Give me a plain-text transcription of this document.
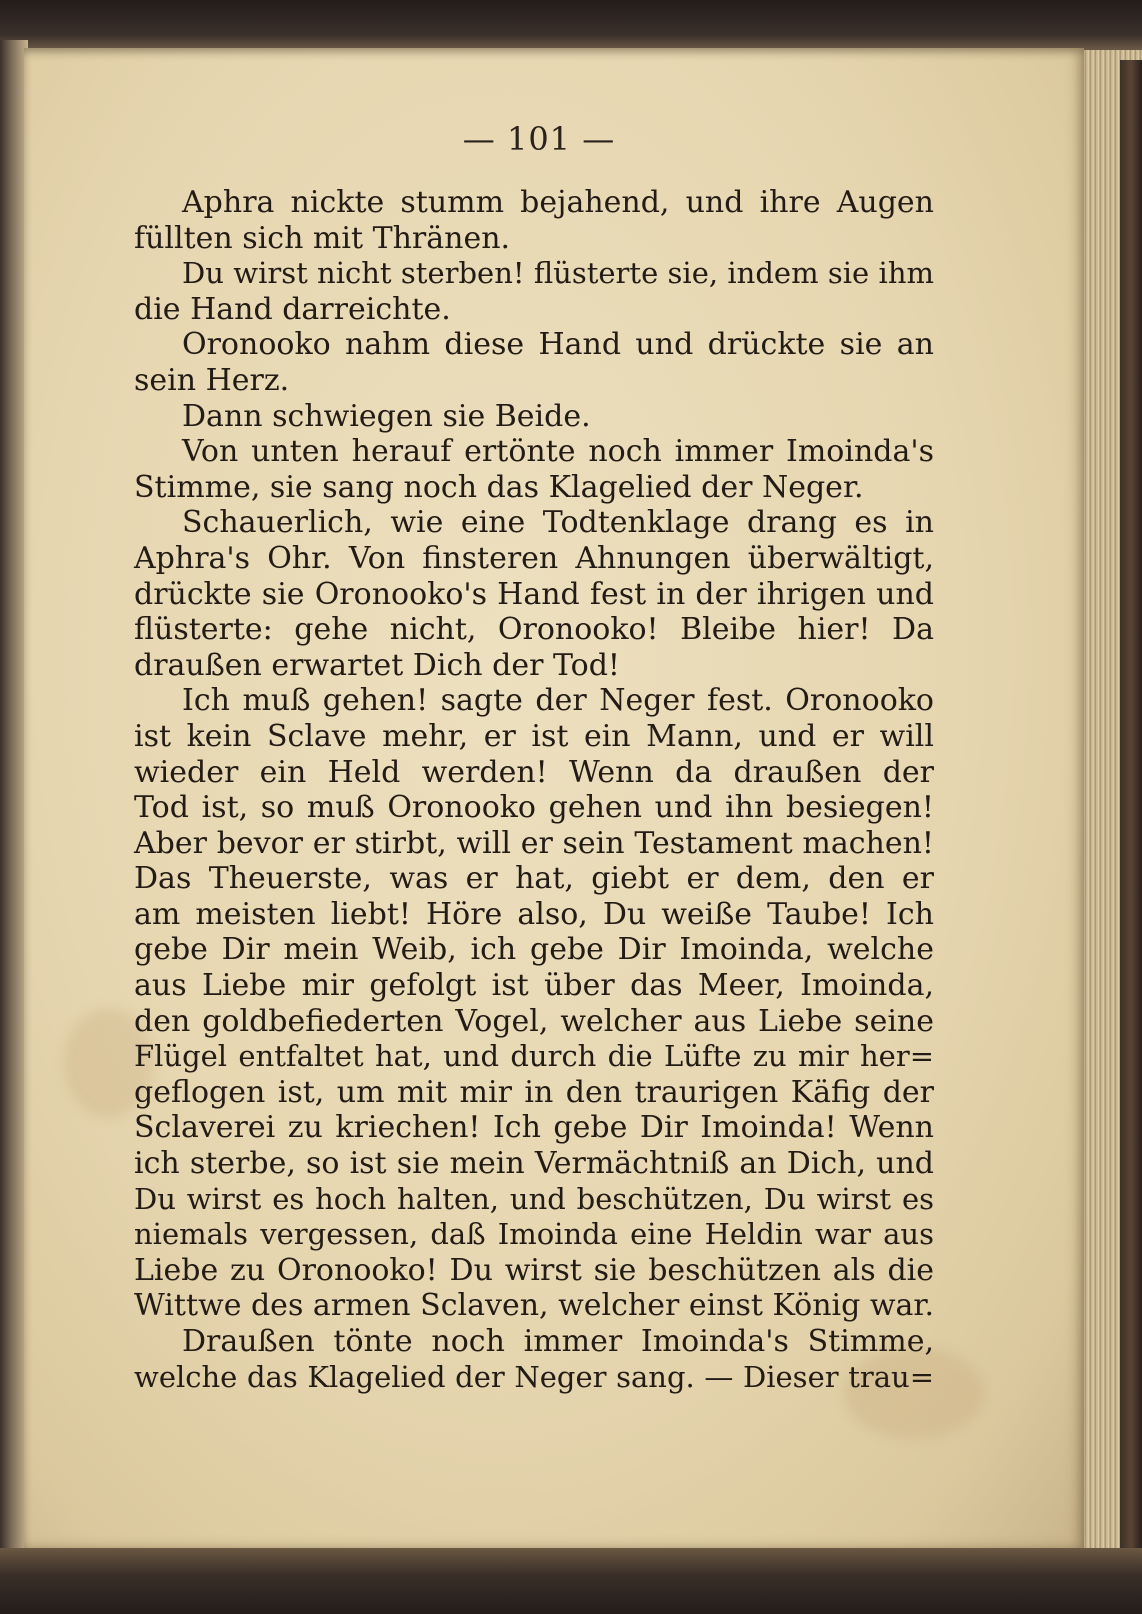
— 101 —
Aphra nickte stumm bejahend, und ihre Augen
füllten sich mit Thränen.
Du wirst nicht sterben! flüsterte sie, indem sie ihm
die Hand darreichte.
Oronooko nahm diese Hand und drückte sie an
sein Herz.
Dann schwiegen sie Beide.
Von unten herauf ertönte noch immer Imoinda's
Stimme, sie sang noch das Klagelied der Neger.
Schauerlich, wie eine Todtenklage drang es in
Aphra's Ohr. Von finsteren Ahnungen überwältigt,
drückte sie Oronooko's Hand fest in der ihrigen und
flüsterte: gehe nicht, Oronooko! Bleibe hier! Da
draußen erwartet Dich der Tod!
Ich muß gehen! sagte der Neger fest. Oronooko
ist kein Sclave mehr, er ist ein Mann, und er will
wieder ein Held werden! Wenn da draußen der
Tod ist, so muß Oronooko gehen und ihn besiegen!
Aber bevor er stirbt, will er sein Testament machen!
Das Theuerste, was er hat, giebt er dem, den er
am meisten liebt! Höre also, Du weiße Taube! Ich
gebe Dir mein Weib, ich gebe Dir Imoinda, welche
aus Liebe mir gefolgt ist über das Meer, Imoinda,
den goldbefiederten Vogel, welcher aus Liebe seine
Flügel entfaltet hat, und durch die Lüfte zu mir her=
geflogen ist, um mit mir in den traurigen Käfig der
Sclaverei zu kriechen! Ich gebe Dir Imoinda! Wenn
ich sterbe, so ist sie mein Vermächtniß an Dich, und
Du wirst es hoch halten, und beschützen, Du wirst es
niemals vergessen, daß Imoinda eine Heldin war aus
Liebe zu Oronooko! Du wirst sie beschützen als die
Wittwe des armen Sclaven, welcher einst König war.
Draußen tönte noch immer Imoinda's Stimme,
welche das Klagelied der Neger sang. — Dieser trau=
